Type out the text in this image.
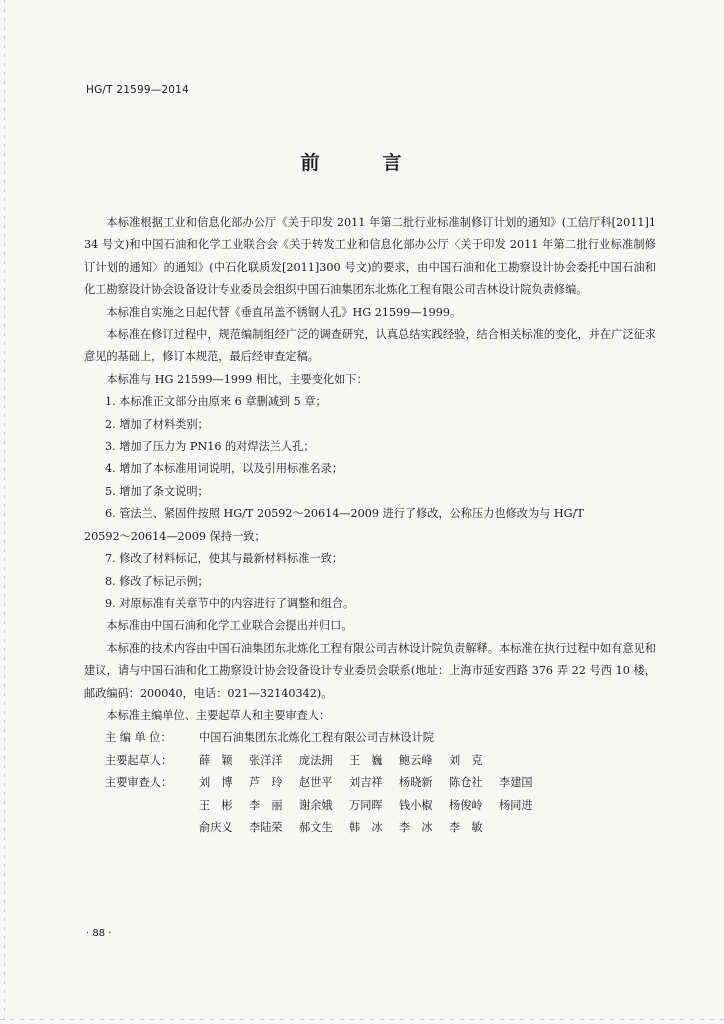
HG/T 21599—2014
前　言

本标准根据工业和信息化部办公厅《关于印发 2011 年第二批行业标准制修订计划的通知》(工信厅科[2011]134 号文)和中国石油和化学工业联合会《关于转发工业和信息化部办公厅〈关于印发 2011 年第二批行业标准制修订计划的通知〉的通知》(中石化联质发[2011]300 号文)的要求，由中国石油和化工勘察设计协会委托中国石油和化工勘察设计协会设备设计专业委员会组织中国石油集团东北炼化工程有限公司吉林设计院负责修编。

本标准自实施之日起代替《垂直吊盖不锈钢人孔》HG 21599—1999。

本标准在修订过程中，规范编制组经广泛的调查研究，认真总结实践经验，结合相关标准的变化，并在广泛征求意见的基础上，修订本规范，最后经审查定稿。

本标准与 HG 21599—1999 相比，主要变化如下：

1. 本标准正文部分由原来 6 章删减到 5 章；

2. 增加了材料类别；

3. 增加了压力为 PN16 的对焊法兰人孔；

4. 增加了本标准用词说明，以及引用标准名录；

5. 增加了条文说明；

6. 管法兰、紧固件按照 HG/T 20592～20614—2009 进行了修改，公称压力也修改为与 HG/T

20592～20614—2009 保持一致；

7. 修改了材料标记，使其与最新材料标准一致；

8. 修改了标记示例；

9. 对原标准有关章节中的内容进行了调整和组合。

本标准由中国石油和化学工业联合会提出并归口。

本标准的技术内容由中国石油集团东北炼化工程有限公司吉林设计院负责解释。本标准在执行过程中如有意见和建议，请与中国石油和化工勘察设计协会设备设计专业委员会联系(地址：上海市延安西路 376 弄 22 号西 10 楼，邮政编码：200040，电话：021—32140342)。

本标准主编单位、主要起草人和主要审查人：

主 编 单 位：	中国石油集团东北炼化工程有限公司吉林设计院
主要起草人：	薛　颖 张洋洋 庞法拥 王　巍 鲍云峰 刘　克
主要审查人：	刘　博 芦　玲 赵世平 刘吉祥 杨晓新 陈仓社 李建国
王　彬 李　丽 谢余娥 万同晖 钱小椒 杨俊岭 杨同进
俞庆义 李陆荣 郝文生 韩　冰 李　冰 李　敏
· 88 ·
